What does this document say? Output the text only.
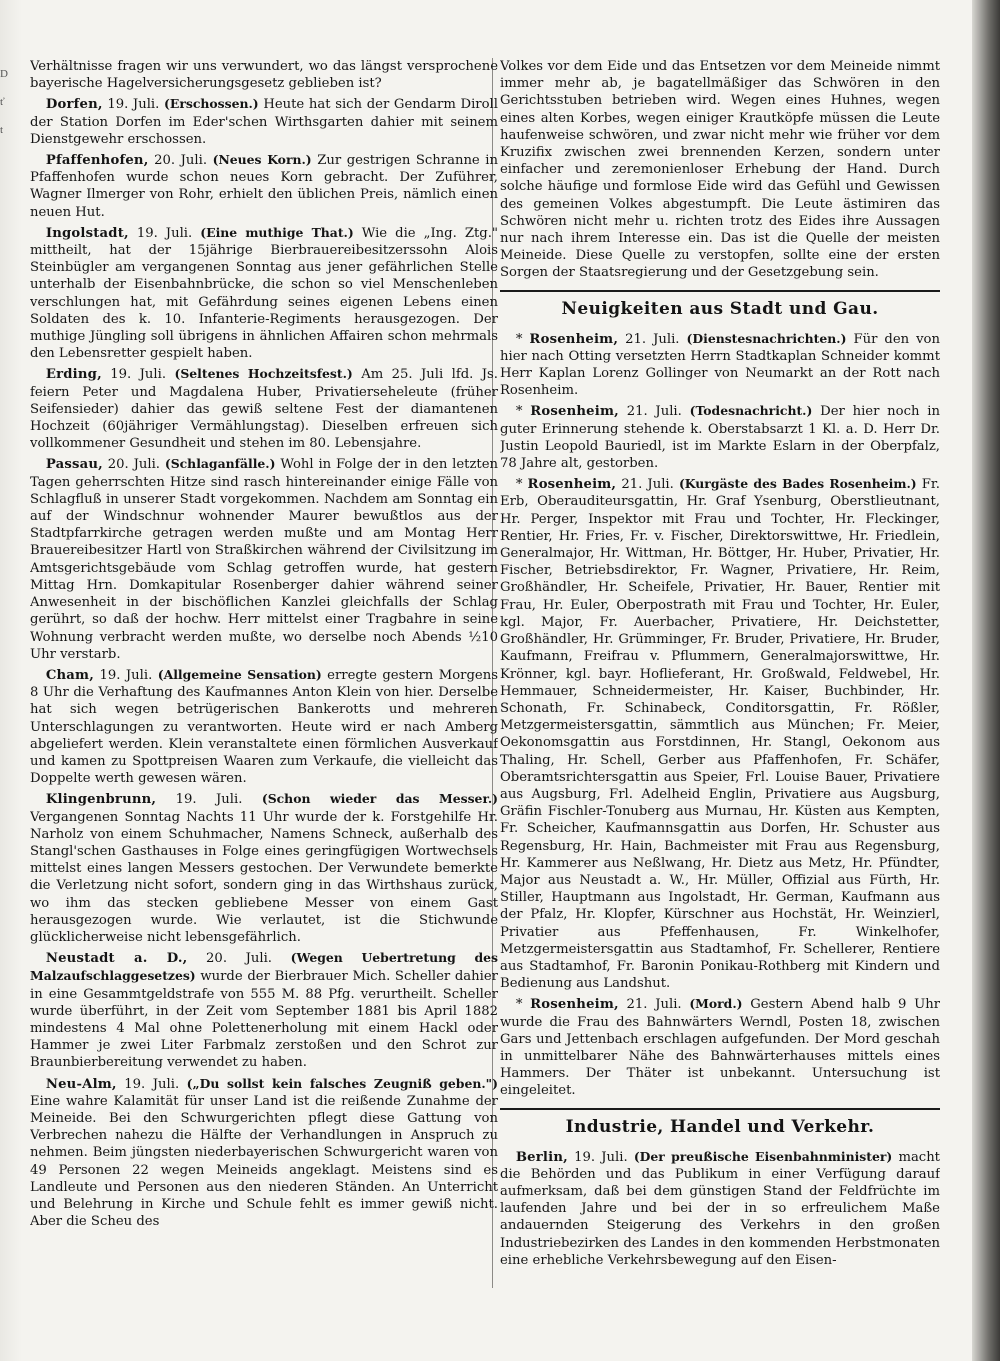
D
ť
t

Verhältnisse fragen wir uns verwundert, wo das längst versprochene bayerische Hagelversicherungsgesetz geblieben ist?

Dorfen, 19. Juli. (Erschossen.) Heute hat sich der Gendarm Diroll der Station Dorfen im Eder'schen Wirthsgarten dahier mit seinem Dienstgewehr erschossen.

Pfaffenhofen, 20. Juli. (Neues Korn.) Zur gestrigen Schranne in Pfaffenhofen wurde schon neues Korn gebracht. Der Zuführer, Wagner Ilmerger von Rohr, erhielt den üblichen Preis, nämlich einen neuen Hut.

Ingolstadt, 19. Juli. (Eine muthige That.) Wie die „Ing. Ztg." mittheilt, hat der 15jährige Bierbrauereibesitzerssohn Alois Steinbügler am vergangenen Sonntag aus jener gefährlichen Stelle unterhalb der Eisenbahnbrücke, die schon so viel Menschenleben verschlungen hat, mit Gefährdung seines eigenen Lebens einen Soldaten des k. 10. Infanterie-Regiments herausgezogen. Der muthige Jüngling soll übrigens in ähnlichen Affairen schon mehrmals den Lebensretter gespielt haben.

Erding, 19. Juli. (Seltenes Hochzeitsfest.) Am 25. Juli lfd. Js. feiern Peter und Magdalena Huber, Privatierseheleute (früher Seifensieder) dahier das gewiß seltene Fest der diamantenen Hochzeit (60jähriger Vermählungstag). Dieselben erfreuen sich vollkommener Gesundheit und stehen im 80. Lebensjahre.

Passau, 20. Juli. (Schlaganfälle.) Wohl in Folge der in den letzten Tagen geherrschten Hitze sind rasch hintereinander einige Fälle von Schlagfluß in unserer Stadt vorgekommen. Nachdem am Sonntag ein auf der Windschnur wohnender Maurer bewußtlos aus der Stadtpfarrkirche getragen werden mußte und am Montag Herr Brauereibesitzer Hartl von Straßkirchen während der Civilsitzung im Amtsgerichtsgebäude vom Schlag getroffen wurde, hat gestern Mittag Hrn. Domkapitular Rosenberger dahier während seiner Anwesenheit in der bischöflichen Kanzlei gleichfalls der Schlag gerührt, so daß der hochw. Herr mittelst einer Tragbahre in seine Wohnung verbracht werden mußte, wo derselbe noch Abends ½10 Uhr verstarb.

Cham, 19. Juli. (Allgemeine Sensation) erregte gestern Morgens 8 Uhr die Verhaftung des Kaufmannes Anton Klein von hier. Derselbe hat sich wegen betrügerischen Bankerotts und mehreren Unterschlagungen zu verantworten. Heute wird er nach Amberg abgeliefert werden. Klein veranstaltete einen förmlichen Ausverkauf und kamen zu Spottpreisen Waaren zum Verkaufe, die vielleicht das Doppelte werth gewesen wären.

Klingenbrunn, 19. Juli. (Schon wieder das Messer.) Vergangenen Sonntag Nachts 11 Uhr wurde der k. Forstgehilfe Hr. Narholz von einem Schuhmacher, Namens Schneck, außerhalb des Stangl'schen Gasthauses in Folge eines geringfügigen Wortwechsels mittelst eines langen Messers gestochen. Der Verwundete bemerkte die Verletzung nicht sofort, sondern ging in das Wirthshaus zurück, wo ihm das stecken gebliebene Messer von einem Gast herausgezogen wurde. Wie verlautet, ist die Stichwunde glücklicherweise nicht lebensgefährlich.

Neustadt a. D., 20. Juli. (Wegen Uebertretung des Malzaufschlaggesetzes) wurde der Bierbrauer Mich. Scheller dahier in eine Gesammtgeldstrafe von 555 M. 88 Pfg. verurtheilt. Scheller wurde überführt, in der Zeit vom September 1881 bis April 1882 mindestens 4 Mal ohne Polettenerholung mit einem Hackl oder Hammer je zwei Liter Farbmalz zerstoßen und den Schrot zur Braunbierbereitung verwendet zu haben.

Neu-Alm, 19. Juli. („Du sollst kein falsches Zeugniß geben.") Eine wahre Kalamität für unser Land ist die reißende Zunahme der Meineide. Bei den Schwurgerichten pflegt diese Gattung von Verbrechen nahezu die Hälfte der Verhandlungen in Anspruch zu nehmen. Beim jüngsten niederbayerischen Schwurgericht waren von 49 Personen 22 wegen Meineids angeklagt. Meistens sind es Landleute und Personen aus den niederen Ständen. An Unterricht und Belehrung in Kirche und Schule fehlt es immer gewiß nicht. Aber die Scheu des

Volkes vor dem Eide und das Entsetzen vor dem Meineide nimmt immer mehr ab, je bagatellmäßiger das Schwören in den Gerichtsstuben betrieben wird. Wegen eines Huhnes, wegen eines alten Korbes, wegen einiger Krautköpfe müssen die Leute haufenweise schwören, und zwar nicht mehr wie früher vor dem Kruzifix zwischen zwei brennenden Kerzen, sondern unter einfacher und zeremonienloser Erhebung der Hand. Durch solche häufige und formlose Eide wird das Gefühl und Gewissen des gemeinen Volkes abgestumpft. Die Leute ästimiren das Schwören nicht mehr u. richten trotz des Eides ihre Aussagen nur nach ihrem Interesse ein. Das ist die Quelle der meisten Meineide. Diese Quelle zu verstopfen, sollte eine der ersten Sorgen der Staatsregierung und der Gesetzgebung sein.

Neuigkeiten aus Stadt und Gau.

* Rosenheim, 21. Juli. (Dienstesnachrichten.) Für den von hier nach Otting versetzten Herrn Stadtkaplan Schneider kommt Herr Kaplan Lorenz Gollinger von Neumarkt an der Rott nach Rosenheim.

* Rosenheim, 21. Juli. (Todesnachricht.) Der hier noch in guter Erinnerung stehende k. Oberstabsarzt 1 Kl. a. D. Herr Dr. Justin Leopold Bauriedl, ist im Markte Eslarn in der Oberpfalz, 78 Jahre alt, gestorben.

* Rosenheim, 21. Juli. (Kurgäste des Bades Rosenheim.) Fr. Erb, Oberauditeursgattin, Hr. Graf Ysenburg, Oberstlieutnant, Hr. Perger, Inspektor mit Frau und Tochter, Hr. Fleckinger, Rentier, Hr. Fries, Fr. v. Fischer, Direktorswittwe, Hr. Friedlein, Generalmajor, Hr. Wittman, Hr. Böttger, Hr. Huber, Privatier, Hr. Fischer, Betriebsdirektor, Fr. Wagner, Privatiere, Hr. Reim, Großhändler, Hr. Scheifele, Privatier, Hr. Bauer, Rentier mit Frau, Hr. Euler, Oberpostrath mit Frau und Tochter, Hr. Euler, kgl. Major, Fr. Auerbacher, Privatiere, Hr. Deichstetter, Großhändler, Hr. Grümminger, Fr. Bruder, Privatiere, Hr. Bruder, Kaufmann, Freifrau v. Pflummern, Generalmajorswittwe, Hr. Krönner, kgl. bayr. Hoflieferant, Hr. Großwald, Feldwebel, Hr. Hemmauer, Schneidermeister, Hr. Kaiser, Buchbinder, Hr. Schonath, Fr. Schinabeck, Conditorsgattin, Fr. Rößler, Metzgermeistersgattin, sämmtlich aus München; Fr. Meier, Oekonomsgattin aus Forstdinnen, Hr. Stangl, Oekonom aus Thaling, Hr. Schell, Gerber aus Pfaffenhofen, Fr. Schäfer, Oberamtsrichtersgattin aus Speier, Frl. Louise Bauer, Privatiere aus Augsburg, Frl. Adelheid Englin, Privatiere aus Augsburg, Gräfin Fischler-Tonuberg aus Murnau, Hr. Küsten aus Kempten, Fr. Scheicher, Kaufmannsgattin aus Dorfen, Hr. Schuster aus Regensburg, Hr. Hain, Bachmeister mit Frau aus Regensburg, Hr. Kammerer aus Neßlwang, Hr. Dietz aus Metz, Hr. Pfündter, Major aus Neustadt a. W., Hr. Müller, Offizial aus Fürth, Hr. Stiller, Hauptmann aus Ingolstadt, Hr. German, Kaufmann aus der Pfalz, Hr. Klopfer, Kürschner aus Hochstät, Hr. Weinzierl, Privatier aus Pfeffenhausen, Fr. Winkelhofer, Metzgermeistersgattin aus Stadtamhof, Fr. Schellerer, Rentiere aus Stadtamhof, Fr. Baronin Ponikau-Rothberg mit Kindern und Bedienung aus Landshut.

* Rosenheim, 21. Juli. (Mord.) Gestern Abend halb 9 Uhr wurde die Frau des Bahnwärters Werndl, Posten 18, zwischen Gars und Jettenbach erschlagen aufgefunden. Der Mord geschah in unmittelbarer Nähe des Bahnwärterhauses mittels eines Hammers. Der Thäter ist unbekannt. Untersuchung ist eingeleitet.

Industrie, Handel und Verkehr.

Berlin, 19. Juli. (Der preußische Eisenbahnminister) macht die Behörden und das Publikum in einer Verfügung darauf aufmerksam, daß bei dem günstigen Stand der Feldfrüchte im laufenden Jahre und bei der in so erfreulichem Maße andauernden Steigerung des Verkehrs in den großen Industriebezirken des Landes in den kommenden Herbstmonaten eine erhebliche Verkehrsbewegung auf den Eisen-
